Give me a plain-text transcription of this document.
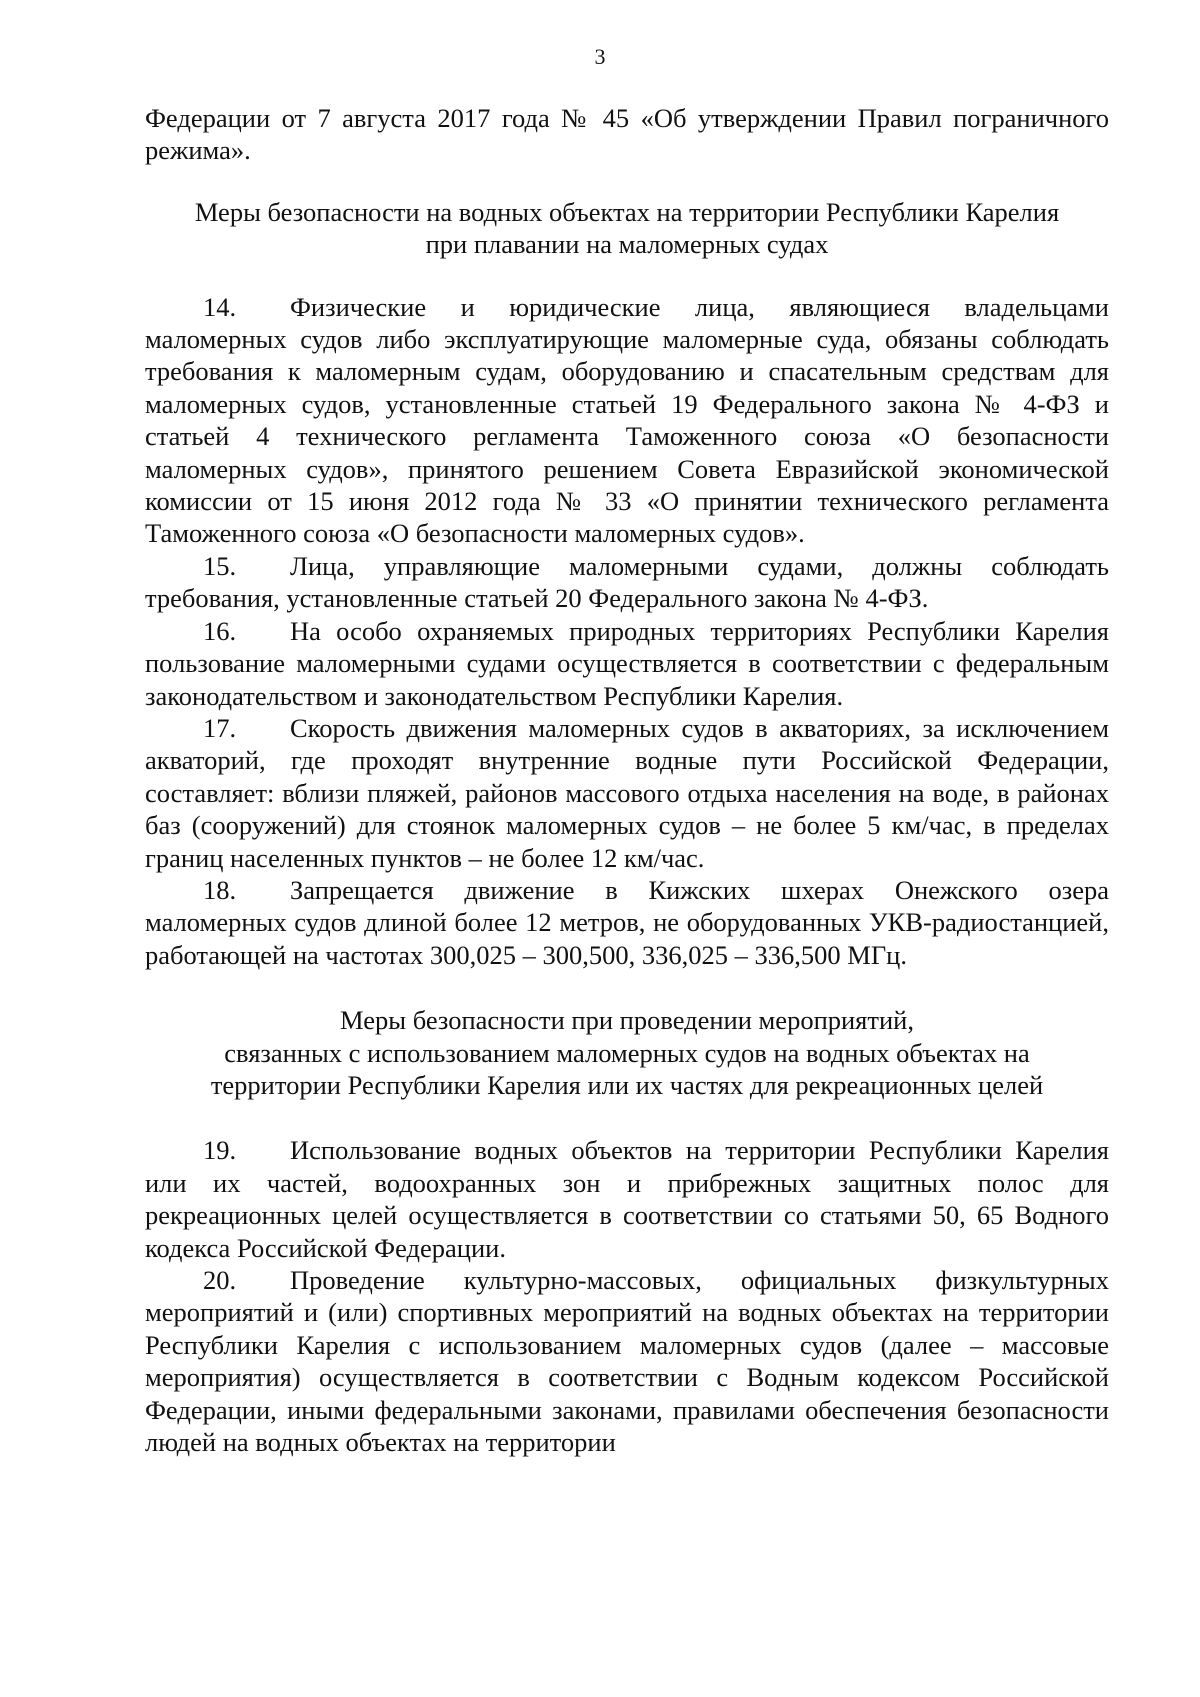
3

Федерации от 7 августа 2017 года № 45 «Об утверждении Правил пограничного режима».

Меры безопасности на водных объектах на территории Республики Карелия

при плавании на маломерных судах

14. Физические и юридические лица, являющиеся владельцами маломерных судов либо эксплуатирующие маломерные суда, обязаны соблюдать требования к маломерным судам, оборудованию и спасательным средствам для маломерных судов, установленные статьей 19 Федерального закона № 4-ФЗ и статьей 4 технического регламента Таможенного союза «О безопасности маломерных судов», принятого решением Совета Евразийской экономической комиссии от 15 июня 2012 года № 33 «О принятии технического регламента Таможенного союза «О безопасности маломерных судов».

15. Лица, управляющие маломерными судами, должны соблюдать требования, установленные статьей 20 Федерального закона № 4-ФЗ.

16. На особо охраняемых природных территориях Республики Карелия пользование маломерными судами осуществляется в соответствии с федеральным законодательством и законодательством Республики Карелия.

17. Скорость движения маломерных судов в акваториях, за исключением акваторий, где проходят внутренние водные пути Российской Федерации, составляет: вблизи пляжей, районов массового отдыха населения на воде, в районах баз (сооружений) для стоянок маломерных судов – не более 5 км/час, в пределах границ населенных пунктов – не более 12 км/час.

18. Запрещается движение в Кижских шхерах Онежского озера маломерных судов длиной более 12 метров, не оборудованных УКВ-радиостанцией, работающей на частотах 300,025 – 300,500, 336,025 – 336,500 МГц.

Меры безопасности при проведении мероприятий,

связанных с использованием маломерных судов на водных объектах на

территории Республики Карелия или их частях для рекреационных целей

19. Использование водных объектов на территории Республики Карелия или их частей, водоохранных зон и прибрежных защитных полос для рекреационных целей осуществляется в соответствии со статьями 50, 65 Водного кодекса Российской Федерации.

20. Проведение культурно-массовых, официальных физкультурных мероприятий и (или) спортивных мероприятий на водных объектах на территории Республики Карелия с использованием маломерных судов (далее – массовые мероприятия) осуществляется в соответствии с Водным кодексом Российской Федерации, иными федеральными законами, правилами обеспечения безопасности людей на водных объектах на территории
